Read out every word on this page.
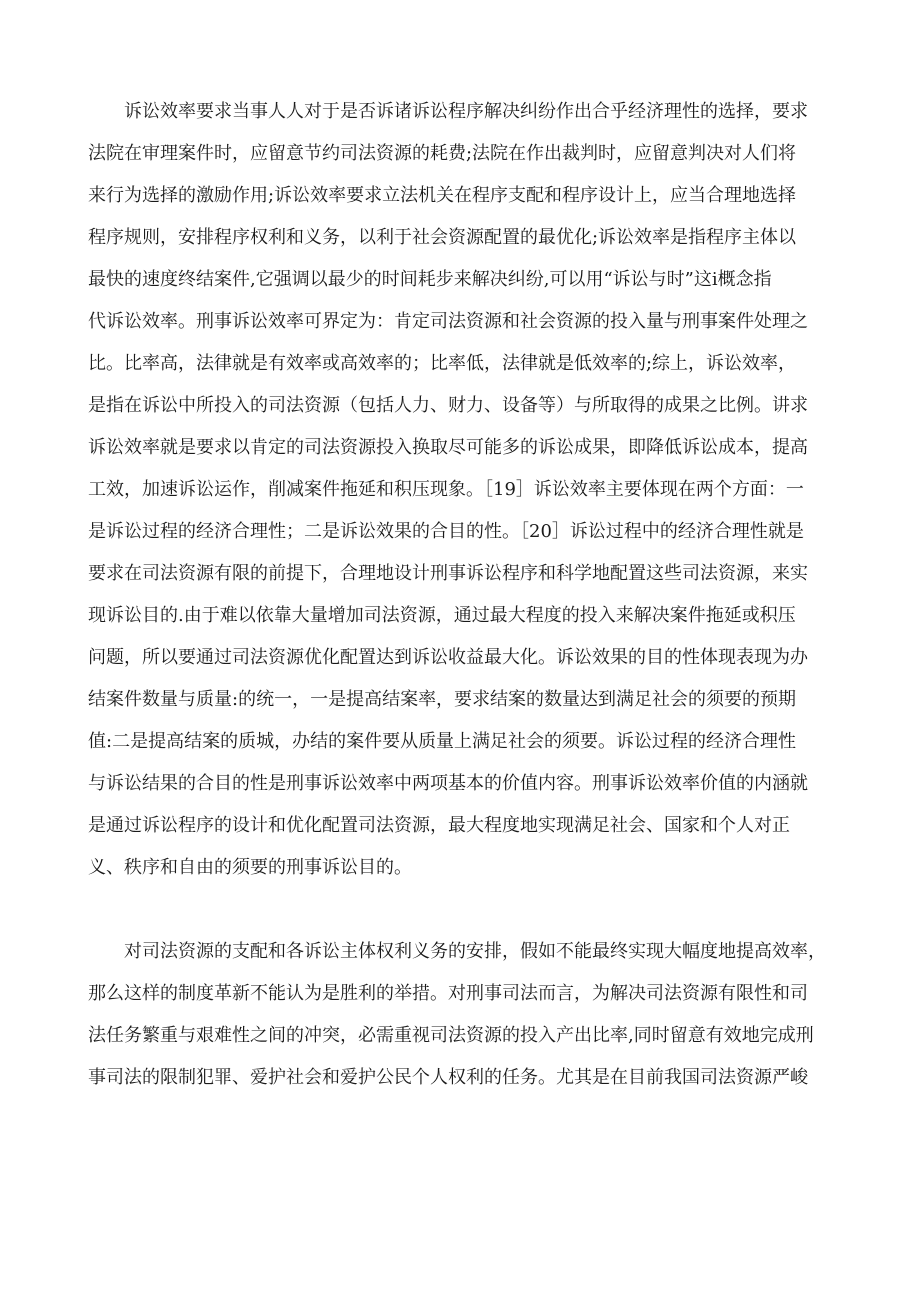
诉讼效率要求当事人人对于是否诉诸诉讼程序解决纠纷作出合乎经济理性的选择，要求
法院在审理案件时，应留意节约司法资源的耗费;法院在作出裁判时，应留意判决对人们将
来行为选择的激励作用;诉讼效率要求立法机关在程序支配和程序设计上，应当合理地选择
程序规则，安排程序权利和义务，以利于社会资源配置的最优化;诉讼效率是指程序主体以
最快的速度终结案件,它强调以最少的时间耗步来解决纠纷,可以用“诉讼与时”这i概念指
代诉讼效率。刑事诉讼效率可界定为：肯定司法资源和社会资源的投入量与刑事案件处理之
比。比率高，法律就是有效率或高效率的；比率低，法律就是低效率的;综上，诉讼效率，
是指在诉讼中所投入的司法资源（包括人力、财力、设备等）与所取得的成果之比例。讲求
诉讼效率就是要求以肯定的司法资源投入换取尽可能多的诉讼成果，即降低诉讼成本，提高
工效，加速诉讼运作，削减案件拖延和积压现象。［19］诉讼效率主要体现在两个方面：一
是诉讼过程的经济合理性；二是诉讼效果的合目的性。［20］诉讼过程中的经济合理性就是
要求在司法资源有限的前提下，合理地设计刑事诉讼程序和科学地配置这些司法资源，来实
现诉讼目的.由于难以依靠大量增加司法资源，通过最大程度的投入来解决案件拖延或积压
问题，所以要通过司法资源优化配置达到诉讼收益最大化。诉讼效果的目的性体现表现为办
结案件数量与质量:的统一，一是提高结案率，要求结案的数量达到满足社会的须要的预期
值:二是提高结案的质城，办结的案件要从质量上满足社会的须要。诉讼过程的经济合理性
与诉讼结果的合目的性是刑事诉讼效率中两项基本的价值内容。刑事诉讼效率价值的内涵就
是通过诉讼程序的设计和优化配置司法资源，最大程度地实现满足社会、国家和个人对正
义、秩序和自由的须要的刑事诉讼目的。
对司法资源的支配和各诉讼主体权利义务的安排，假如不能最终实现大幅度地提高效率，
那么这样的制度革新不能认为是胜利的举措。对刑事司法而言，为解决司法资源有限性和司
法任务繁重与艰难性之间的冲突，必需重视司法资源的投入产出比率,同时留意有效地完成刑
事司法的限制犯罪、爱护社会和爱护公民个人权利的任务。尤其是在目前我国司法资源严峻
